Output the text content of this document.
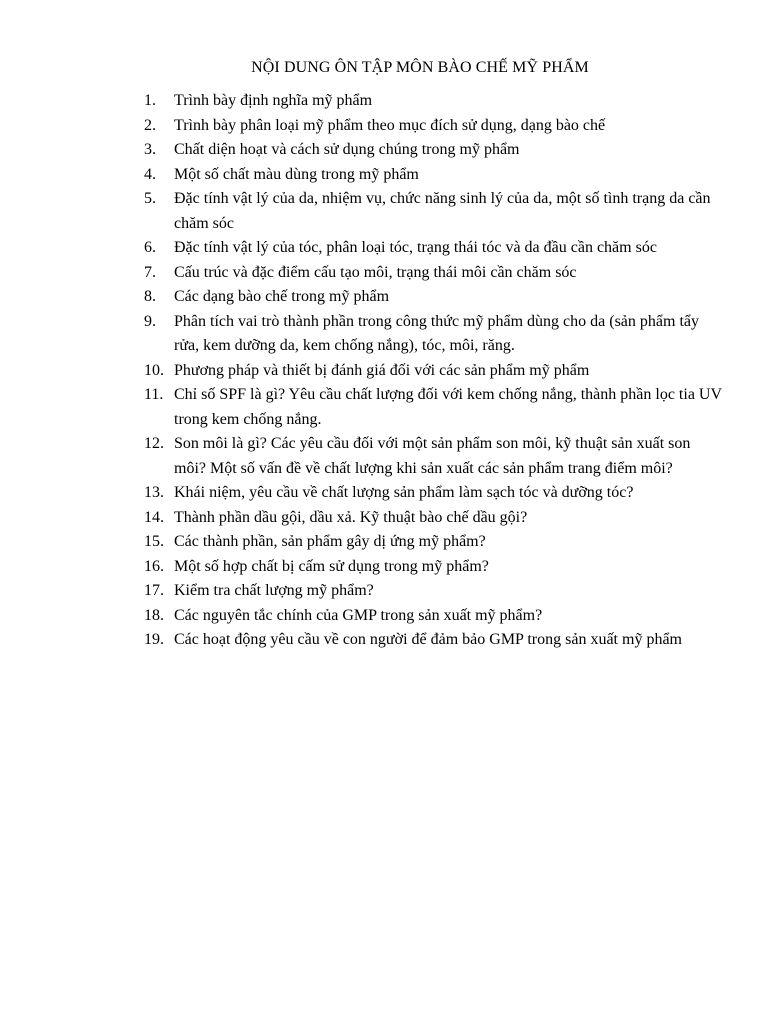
NỘI DUNG ÔN TẬP MÔN BÀO CHẾ MỸ PHẨM
1.	Trình bày định nghĩa mỹ phẩm
2.	Trình bày phân loại mỹ phẩm theo mục đích sử dụng, dạng bào chế
3.	Chất diện hoạt và cách sử dụng chúng trong mỹ phẩm
4.	Một số chất màu dùng trong mỹ phẩm
5.	Đặc tính vật lý của da, nhiệm vụ, chức năng sinh lý của da, một số tình trạng da cần chăm sóc
6.	Đặc tính vật lý của tóc, phân loại tóc, trạng thái tóc và da đầu cần chăm sóc
7.	Cấu trúc và đặc điểm cấu tạo môi, trạng thái môi cần chăm sóc
8.	Các dạng bào chế trong mỹ phẩm
9.	Phân tích vai trò thành phần trong công thức mỹ phẩm dùng cho da (sản phẩm tẩy rửa, kem dưỡng da, kem chống nắng), tóc, môi, răng.
10. Phương pháp và thiết bị đánh giá đối với các sản phẩm mỹ phẩm
11. Chỉ số SPF là gì? Yêu cầu chất lượng đối với kem chống nắng, thành phần lọc tia UV trong kem chống nắng.
12. Son môi là gì? Các yêu cầu đối với một sản phẩm son môi, kỹ thuật sản xuất son môi? Một số vấn đề về chất lượng khi sản xuất các sản phẩm trang điểm môi?
13. Khái niệm, yêu cầu về chất lượng sản phẩm làm sạch tóc và dưỡng tóc?
14. Thành phần dầu gội, dầu xả. Kỹ thuật bào chế dầu gội?
15. Các thành phần, sản phẩm gây dị ứng mỹ phẩm?
16. Một số hợp chất bị cấm sử dụng trong mỹ phẩm?
17. Kiểm tra chất lượng mỹ phẩm?
18. Các nguyên tắc chính của GMP trong sản xuất mỹ phẩm?
19. Các hoạt động yêu cầu về con người để đảm bảo GMP trong sản xuất mỹ phẩm
